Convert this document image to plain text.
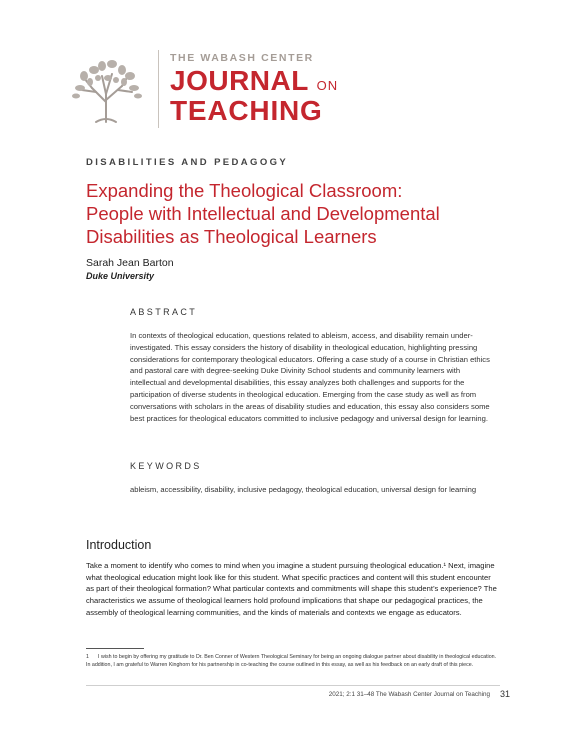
THE WABASH CENTER
JOURNAL ON
TEACHING
DISABILITIES AND PEDAGOGY
Expanding the Theological Classroom:
People with Intellectual and Developmental
Disabilities as Theological Learners
Sarah Jean Barton
Duke University
ABSTRACT
In contexts of theological education, questions related to ableism, access, and disability remain under-investigated. This essay considers the history of disability in theological education, highlighting pressing considerations for contemporary theological educators. Offering a case study of a course in Christian ethics and pastoral care with degree-seeking Duke Divinity School students and community learners with intellectual and developmental disabilities, this essay analyzes both challenges and supports for the participation of diverse students in theological education. Emerging from the case study as well as from conversations with scholars in the areas of disability studies and education, this essay also considers some best practices for theological educators committed to inclusive pedagogy and universal design for learning.
KEYWORDS
ableism, accessibility, disability, inclusive pedagogy, theological education, universal design for learning
Introduction
Take a moment to identify who comes to mind when you imagine a student pursuing theological education.¹ Next, imagine what theological education might look like for this student. What specific practices and content will this student encounter as part of their theological formation? What particular contexts and commitments will shape this student’s experience? The characteristics we assume of theological learners hold profound implications that shape our pedagogical practices, the assembly of theological learning communities, and the kinds of materials and contexts we engage as educators.
1 I wish to begin by offering my gratitude to Dr. Ben Conner of Western Theological Seminary for being an ongoing dialogue partner about disability in theological education. In addition, I am grateful to Warren Kinghorn for his partnership in co-teaching the course outlined in this essay, as well as his feedback on an early draft of this piece.
2021; 2:1 31–48 The Wabash Center Journal on Teaching 31
